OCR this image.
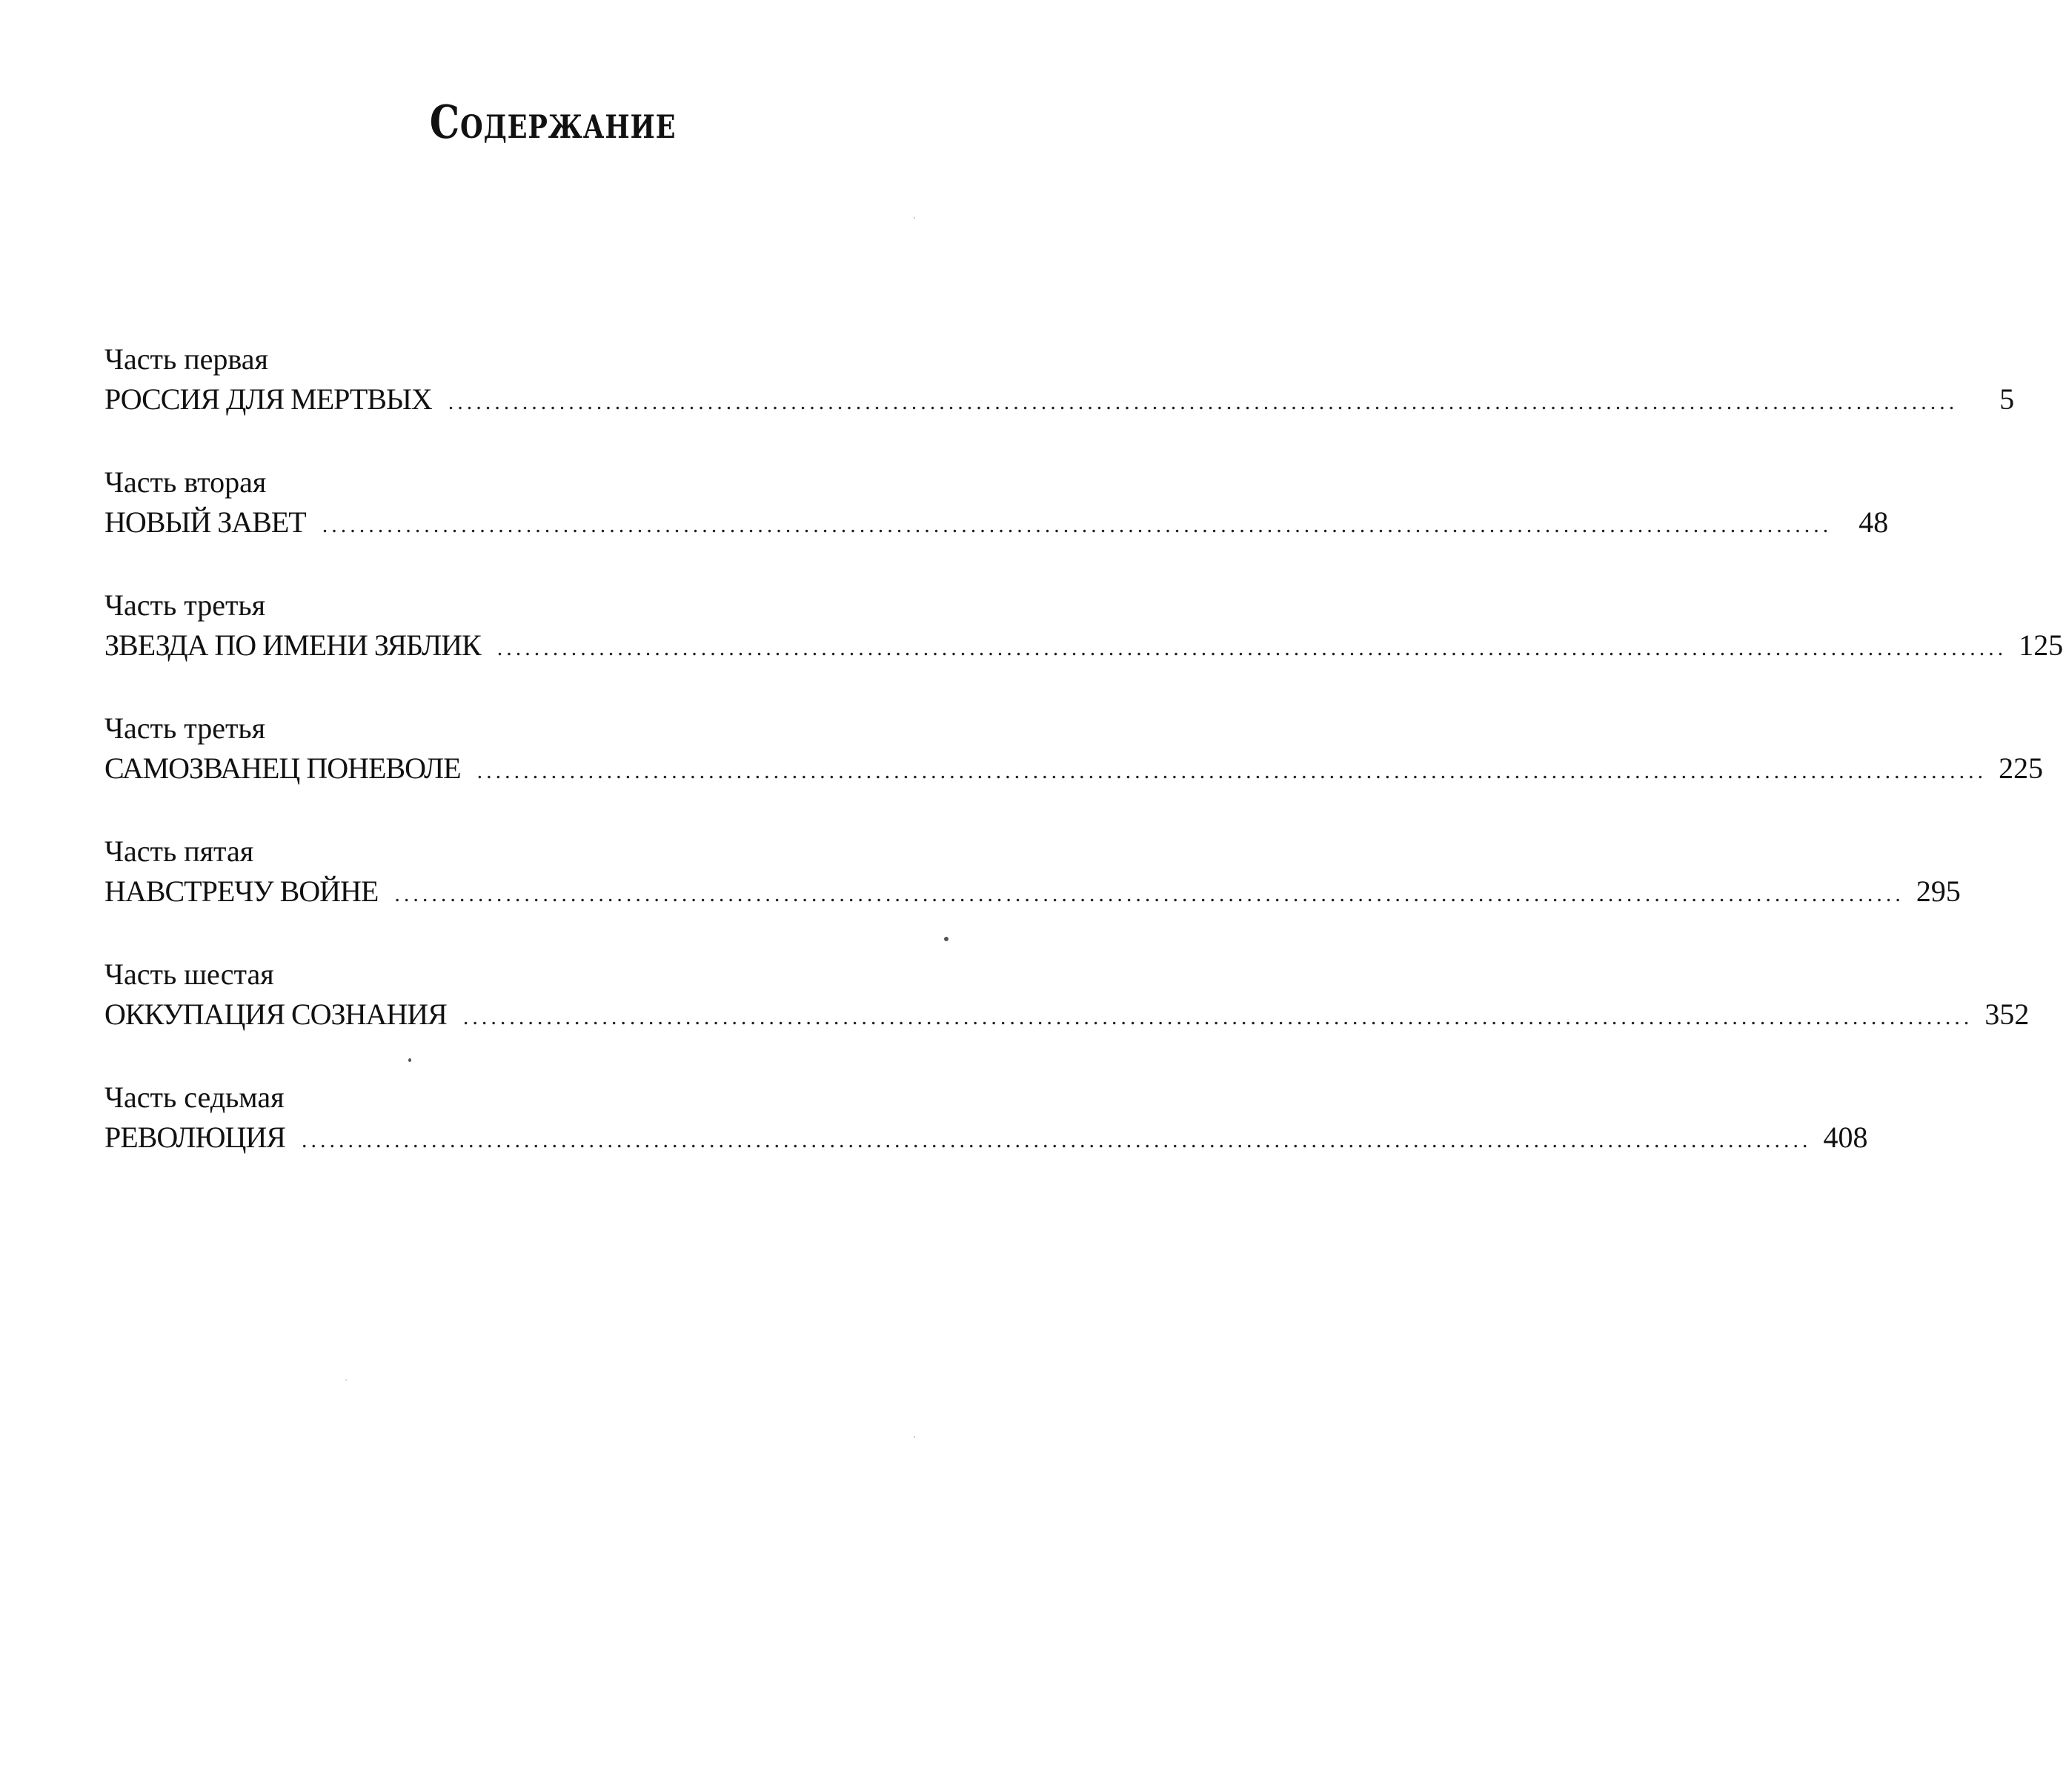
Содержание
Часть первая
РОССИЯ ДЛЯ МЕРТВЫХ ...................................................................................................................................................................	5
Часть вторая
НОВЫЙ ЗАВЕТ ................................................................................................................................................................... 48
Часть третья
ЗВЕЗДА ПО ИМЕНИ ЗЯБЛИК ................................................................................................................................................................... 125
Часть третья
САМОЗВАНЕЦ ПОНЕВОЛЕ ................................................................................................................................................................... 225
Часть пятая
НАВСТРЕЧУ ВОЙНЕ ................................................................................................................................................................... 295
Часть шестая
ОККУПАЦИЯ СОЗНАНИЯ ................................................................................................................................................................... 352
Часть седьмая
РЕВОЛЮЦИЯ ................................................................................................................................................................... 408
